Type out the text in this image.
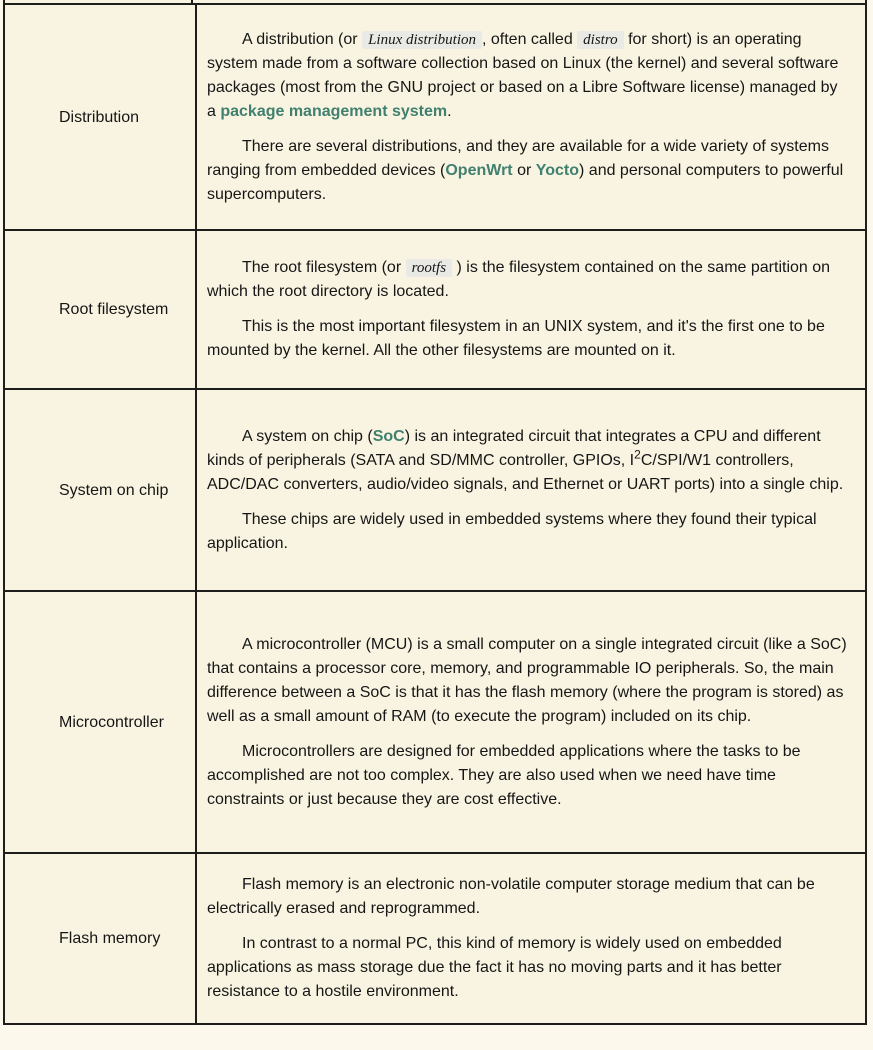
Distribution	A distribution (or Linux distribution , often called distro for short) is an operating system made from a software collection based on Linux (the kernel) and several software packages (most from the GNU project or based on a Libre Software license) managed by a package management system.

There are several distributions, and they are available for a wide variety of systems ranging from embedded devices (OpenWrt or Yocto) and personal computers to powerful supercomputers.

Root filesystem	The root filesystem (or rootfs ) is the filesystem contained on the same partition on which the root directory is located.

This is the most important filesystem in an UNIX system, and it's the first one to be mounted by the kernel. All the other filesystems are mounted on it.

System on chip	A system on chip (SoC) is an integrated circuit that integrates a CPU and different kinds of peripherals (SATA and SD/MMC controller, GPIOs, $I^2C/SPI/W1$ controllers, ADC/DAC converters, audio/video signals, and Ethernet or UART ports) into a single chip.

These chips are widely used in embedded systems where they found their typical application.

Microcontroller	A microcontroller (MCU) is a small computer on a single integrated circuit (like a SoC) that contains a processor core, memory, and programmable IO peripherals. So, the main difference between a SoC is that it has the flash memory (where the program is stored) as well as a small amount of RAM (to execute the program) included on its chip.

Microcontrollers are designed for embedded applications where the tasks to be accomplished are not too complex. They are also used when we need have time constraints or just because they are cost effective.

Flash memory	Flash memory is an electronic non-volatile computer storage medium that can be electrically erased and reprogrammed.

In contrast to a normal PC, this kind of memory is widely used on embedded applications as mass storage due the fact it has no moving parts and it has better resistance to a hostile environment.
